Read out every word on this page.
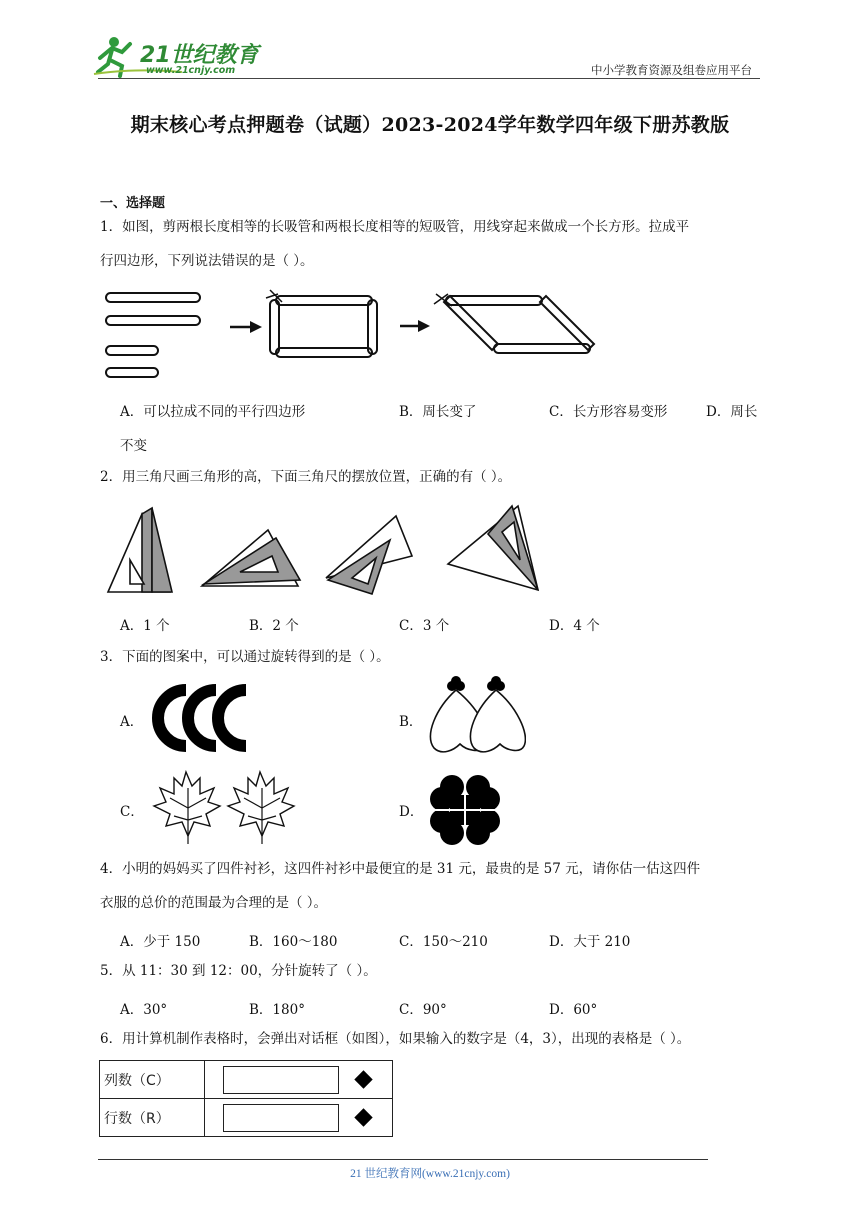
21世纪教育
www.21cnjy.com	中小学教育资源及组卷应用平台
期末核心考点押题卷（试题）2023-2024学年数学四年级下册苏教版
一、选择题
1．如图，剪两根长度相等的长吸管和两根长度相等的短吸管，用线穿起来做成一个长方形。拉成平
行四边形，下列说法错误的是（ ）。
A．可以拉成不同的平行四边形	B．周长变了	C．长方形容易变形	D．周长
不变
2．用三角尺画三角形的高，下面三角尺的摆放位置，正确的有（ ）。
A．1 个	B．2 个	C．3 个	D．4 个
3．下面的图案中，可以通过旋转得到的是（ ）。
A．	B．
C．	D．
4．小明的妈妈买了四件衬衫，这四件衬衫中最便宜的是 31 元，最贵的是 57 元，请你估一估这四件
衣服的总价的范围最为合理的是（ ）。
A．少于 150	B．160～180	C．150～210	D．大于 210
5．从 11：30 到 12：00，分针旋转了（ ）。
A．30°	B．180°	C．90°	D．60°
6．用计算机制作表格时，会弹出对话框（如图），如果输入的数字是（4，3），出现的表格是（ ）。
列数（C）	

行数（R）	
21 世纪教育网(www.21cnjy.com)
